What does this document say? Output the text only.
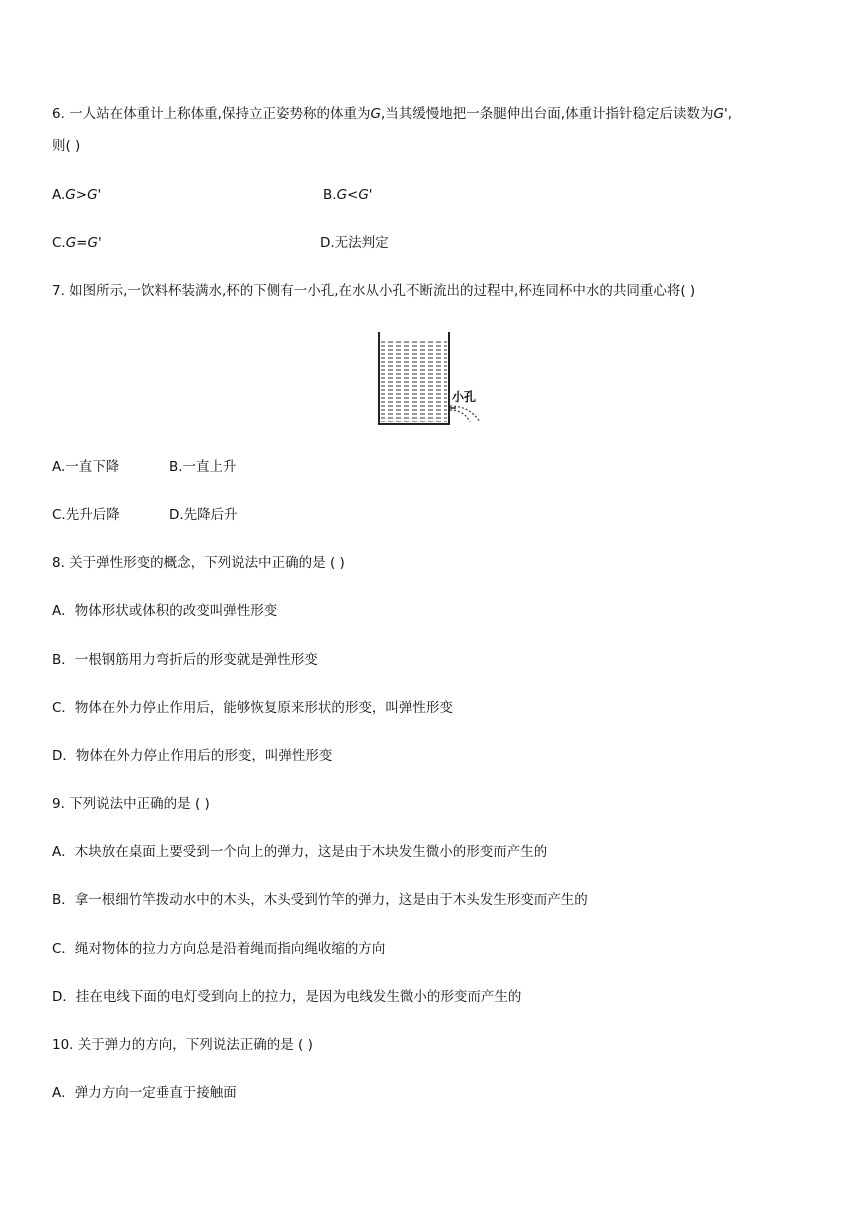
6. 一人站在体重计上称体重,保持立正姿势称的体重为G,当其缓慢地把一条腿伸出台面,体重计指针稳定后读数为G',
则( )
A.G>G'	B.G<G'
C.G=G'	D.无法判定
7. 如图所示,一饮料杯装满水,杯的下侧有一小孔,在水从小孔不断流出的过程中,杯连同杯中水的共同重心将( )
小孔
A.一直下降	B.一直上升
C.先升后降	D.先降后升
8. 关于弹性形变的概念，下列说法中正确的是 ( )
A．物体形状或体积的改变叫弹性形变
B．一根钢筋用力弯折后的形变就是弹性形变
C．物体在外力停止作用后，能够恢复原来形状的形变，叫弹性形变
D．物体在外力停止作用后的形变，叫弹性形变
9. 下列说法中正确的是 ( )
A．木块放在桌面上要受到一个向上的弹力，这是由于木块发生微小的形变而产生的
B．拿一根细竹竿拨动水中的木头，木头受到竹竿的弹力，这是由于木头发生形变而产生的
C．绳对物体的拉力方向总是沿着绳而指向绳收缩的方向
D．挂在电线下面的电灯受到向上的拉力，是因为电线发生微小的形变而产生的
10. 关于弹力的方向，下列说法正确的是 ( )
A．弹力方向一定垂直于接触面
